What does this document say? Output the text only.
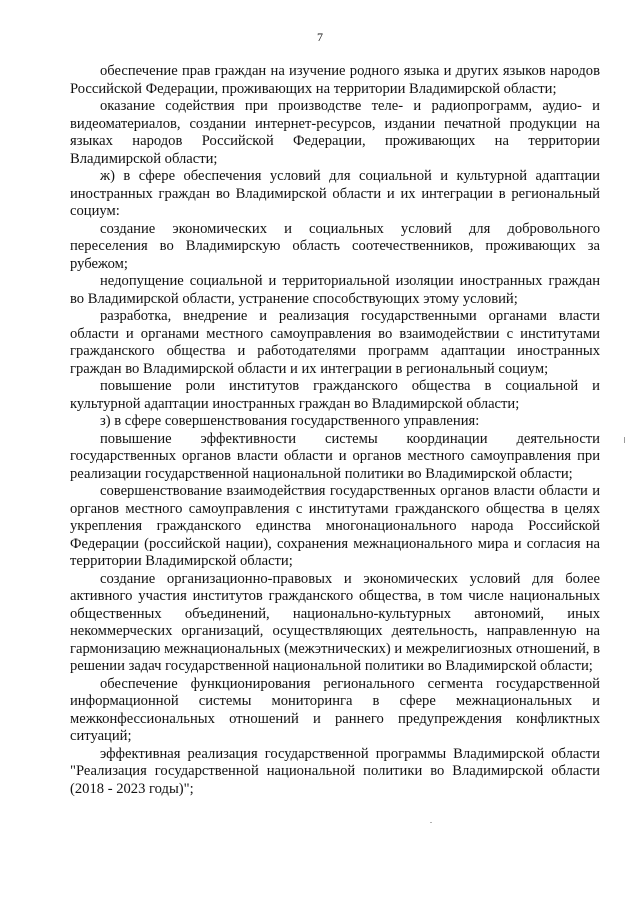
7

обеспечение прав граждан на изучение родного языка и других языков народов Российской Федерации, проживающих на территории Владимирской области;

оказание содействия при производстве теле- и радиопрограмм, аудио- и видеоматериалов, создании интернет-ресурсов, издании печатной продукции на языках народов Российской Федерации, проживающих на территории Владимирской области;

ж) в сфере обеспечения условий для социальной и культурной адаптации иностранных граждан во Владимирской области и их интеграции в региональный социум:

создание экономических и социальных условий для добровольного переселения во Владимирскую область соотечественников, проживающих за рубежом;

недопущение социальной и территориальной изоляции иностранных граждан во Владимирской области, устранение способствующих этому условий;

разработка, внедрение и реализация государственными органами власти области и органами местного самоуправления во взаимодействии с институтами гражданского общества и работодателями программ адаптации иностранных граждан во Владимирской области и их интеграции в региональный социум;

повышение роли институтов гражданского общества в социальной и культурной адаптации иностранных граждан во Владимирской области;

з) в сфере совершенствования государственного управления:

повышение эффективности системы координации деятельности государственных органов власти области и органов местного самоуправления при реализации государственной национальной политики во Владимирской области;

совершенствование взаимодействия государственных органов власти области и органов местного самоуправления с институтами гражданского общества в целях укрепления гражданского единства многонационального народа Российской Федерации (российской нации), сохранения межнационального мира и согласия на территории Владимирской области;

создание организационно-правовых и экономических условий для более активного участия институтов гражданского общества, в том числе национальных общественных объединений, национально-культурных автономий, иных некоммерческих организаций, осуществляющих деятельность, направленную на гармонизацию межнациональных (межэтнических) и межрелигиозных отношений, в решении задач государственной национальной политики во Владимирской области;

обеспечение функционирования регионального сегмента государственной информационной системы мониторинга в сфере межнациональных и межконфессиональных отношений и раннего предупреждения конфликтных ситуаций;

эффективная реализация государственной программы Владимирской области "Реализация государственной национальной политики во Владимирской области (2018 - 2023 годы)";
